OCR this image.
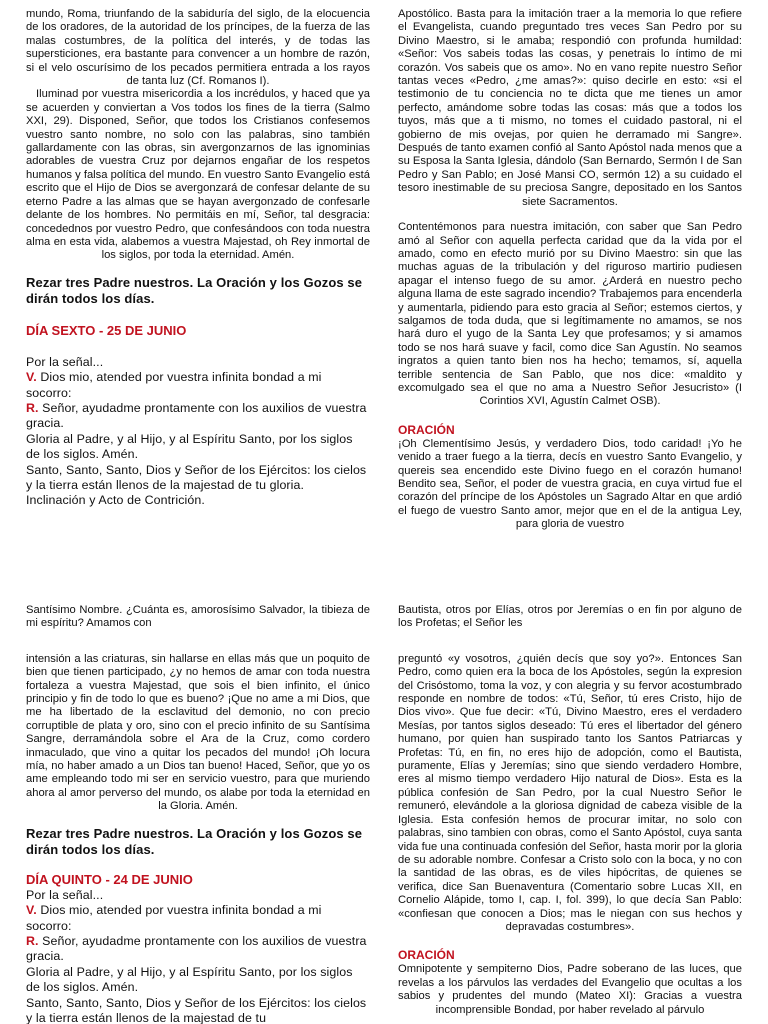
mundo, Roma, triunfando de la sabiduría del siglo, de la elocuencia de los oradores, de la autoridad de los príncipes, de la fuerza de las malas costumbres, de la política del interés, y de todas las supersticiones, era bastante para convencer a un hombre de razón, si el velo oscurísimo de los pecados permitiera entrada a los rayos de tanta luz (Cf. Romanos I).

Iluminad por vuestra misericordia a los incrédulos, y haced que ya se acuerden y conviertan a Vos todos los fines de la tierra (Salmo XXI, 29). Disponed, Señor, que todos los Cristianos confesemos vuestro santo nombre, no solo con las palabras, sino también gallardamente con las obras, sin avergonzarnos de las ignominias adorables de vuestra Cruz por dejarnos engañar de los respetos humanos y falsa política del mundo. En vuestro Santo Evangelio está escrito que el Hijo de Dios se avergonzará de confesar delante de su eterno Padre a las almas que se hayan avergonzado de confesarle delante de los hombres. No permitáis en mí, Señor, tal desgracia: concedednos por vuestro Pedro, que confesándoos con toda nuestra alma en esta vida, alabemos a vuestra Majestad, oh Rey inmortal de los siglos, por toda la eternidad. Amén.

Rezar tres Padre nuestros. La Oración y los Gozos se dirán todos los días.

DÍA SEXTO - 25 DE JUNIO

Por la señal...

V. Dios mio, atended por vuestra infinita bondad a mi socorro:

R. Señor, ayudadme prontamente con los auxilios de vuestra gracia.

Gloria al Padre, y al Hijo, y al Espíritu Santo, por los siglos de los siglos. Amén.

Santo, Santo, Santo, Dios y Señor de los Ejércitos: los cielos y la tierra están llenos de la majestad de tu gloria.

Inclinación y Acto de Contrición.

Apostólico. Basta para la imitación traer a la memoria lo que refiere el Evangelista, cuando preguntado tres veces San Pedro por su Divino Maestro, si le amaba; respondió con profunda humildad: «Señor: Vos sabeis todas las cosas, y penetrais lo íntimo de mi corazón. Vos sabeis que os amo». No en vano repite nuestro Señor tantas veces «Pedro, ¿me amas?»: quiso decirle en esto: «si el testimonio de tu conciencia no te dicta que me tienes un amor perfecto, amándome sobre todas las cosas: más que a todos los tuyos, más que a ti mismo, no tomes el cuidado pastoral, ni el gobierno de mis ovejas, por quien he derramado mi Sangre». Después de tanto examen confió al Santo Apóstol nada menos que a su Esposa la Santa Iglesia, dándolo (San Bernardo, Sermón I de San Pedro y San Pablo; en José Mansi CO, sermón 12) a su cuidado el tesoro inestimable de su preciosa Sangre, depositado en los Santos siete Sacramentos.

Contentémonos para nuestra imitación, con saber que San Pedro amó al Señor con aquella perfecta caridad que da la vida por el amado, como en efecto murió por su Divino Maestro: sin que las muchas aguas de la tribulación y del riguroso martirio pudiesen apagar el intenso fuego de su amor. ¿Arderá en nuestro pecho alguna llama de este sagrado incendio? Trabajemos para encenderla y aumentarla, pidiendo para esto gracia al Señor; estemos ciertos, y salgamos de toda duda, que si legítimamente no amamos, se nos hará duro el yugo de la Santa Ley que profesamos; y si amamos todo se nos hará suave y facil, como dice San Agustín. No seamos ingratos a quien tanto bien nos ha hecho; temamos, sí, aquella terrible sentencia de San Pablo, que nos dice: «maldito y excomulgado sea el que no ama a Nuestro Señor Jesucristo» (I Corintios XVI, Agustín Calmet OSB).

ORACIÓN

¡Oh Clementísimo Jesús, y verdadero Dios, todo caridad! ¡Yo he venido a traer fuego a la tierra, decís en vuestro Santo Evangelio, y quereis sea encendido este Divino fuego en el corazón humano! Bendito sea, Señor, el poder de vuestra gracia, en cuya virtud fue el corazón del príncipe de los Apóstoles un Sagrado Altar en que ardió el fuego de vuestro Santo amor, mejor que en el de la antigua Ley, para gloria de vuestro

Santísimo Nombre. ¿Cuánta es, amorosísimo Salvador, la tibieza de mi espíritu? Amamos con

intensión a las criaturas, sin hallarse en ellas más que un poquito de bien que tienen participado, ¿y no hemos de amar con toda nuestra fortaleza a vuestra Majestad, que sois el bien infinito, el único principio y fin de todo lo que es bueno? ¡Que no ame a mi Dios, que me ha libertado de la esclavitud del demonio, no con precio corruptible de plata y oro, sino con el precio infinito de su Santísima Sangre, derramándola sobre el Ara de la Cruz, como cordero inmaculado, que vino a quitar los pecados del mundo! ¡Oh locura mía, no haber amado a un Dios tan bueno! Haced, Señor, que yo os ame empleando todo mi ser en servicio vuestro, para que muriendo ahora al amor perverso del mundo, os alabe por toda la eternidad en la Gloria. Amén.

Rezar tres Padre nuestros. La Oración y los Gozos se dirán todos los días.

DÍA QUINTO - 24 DE JUNIO

Por la señal...

V. Dios mio, atended por vuestra infinita bondad a mi socorro:

R. Señor, ayudadme prontamente con los auxilios de vuestra gracia.

Gloria al Padre, y al Hijo, y al Espíritu Santo, por los siglos de los siglos. Amén.

Santo, Santo, Santo, Dios y Señor de los Ejércitos: los cielos y la tierra están llenos de la majestad de tu

Bautista, otros por Elías, otros por Jeremías o en fin por alguno de los Profetas; el Señor les

preguntó «y vosotros, ¿quién decís que soy yo?». Entonces San Pedro, como quien era la boca de los Apóstoles, según la expresion del Crisóstomo, toma la voz, y con alegria y su fervor acostumbrado responde en nombre de todos: «Tú, Señor, tú eres Cristo, hijo de Dios vivo». Que fue decir: «Tú, Divino Maestro, eres el verdadero Mesías, por tantos siglos deseado: Tú eres el libertador del género humano, por quien han suspirado tanto los Santos Patriarcas y Profetas: Tú, en fin, no eres hijo de adopción, como el Bautista, puramente, Elías y Jeremías; sino que siendo verdadero Hombre, eres al mismo tiempo verdadero Hijo natural de Dios». Esta es la pública confesión de San Pedro, por la cual Nuestro Señor le remuneró, elevándole a la gloriosa dignidad de cabeza visible de la Iglesia. Esta confesión hemos de procurar imitar, no solo con palabras, sino tambien con obras, como el Santo Apóstol, cuya santa vida fue una continuada confesión del Señor, hasta morir por la gloria de su adorable nombre. Confesar a Cristo solo con la boca, y no con la santidad de las obras, es de viles hipócritas, de quienes se verifica, dice San Buenaventura (Comentario sobre Lucas XII, en Cornelio Alápide, tomo I, cap. I, fol. 399), lo que decía San Pablo: «confiesan que conocen a Dios; mas le niegan con sus hechos y depravadas costumbres».

ORACIÓN

Omnipotente y sempiterno Dios, Padre soberano de las luces, que revelas a los párvulos las verdades del Evangelio que ocultas a los sabios y prudentes del mundo (Mateo XI): Gracias a vuestra incomprensible Bondad, por haber revelado al párvulo
